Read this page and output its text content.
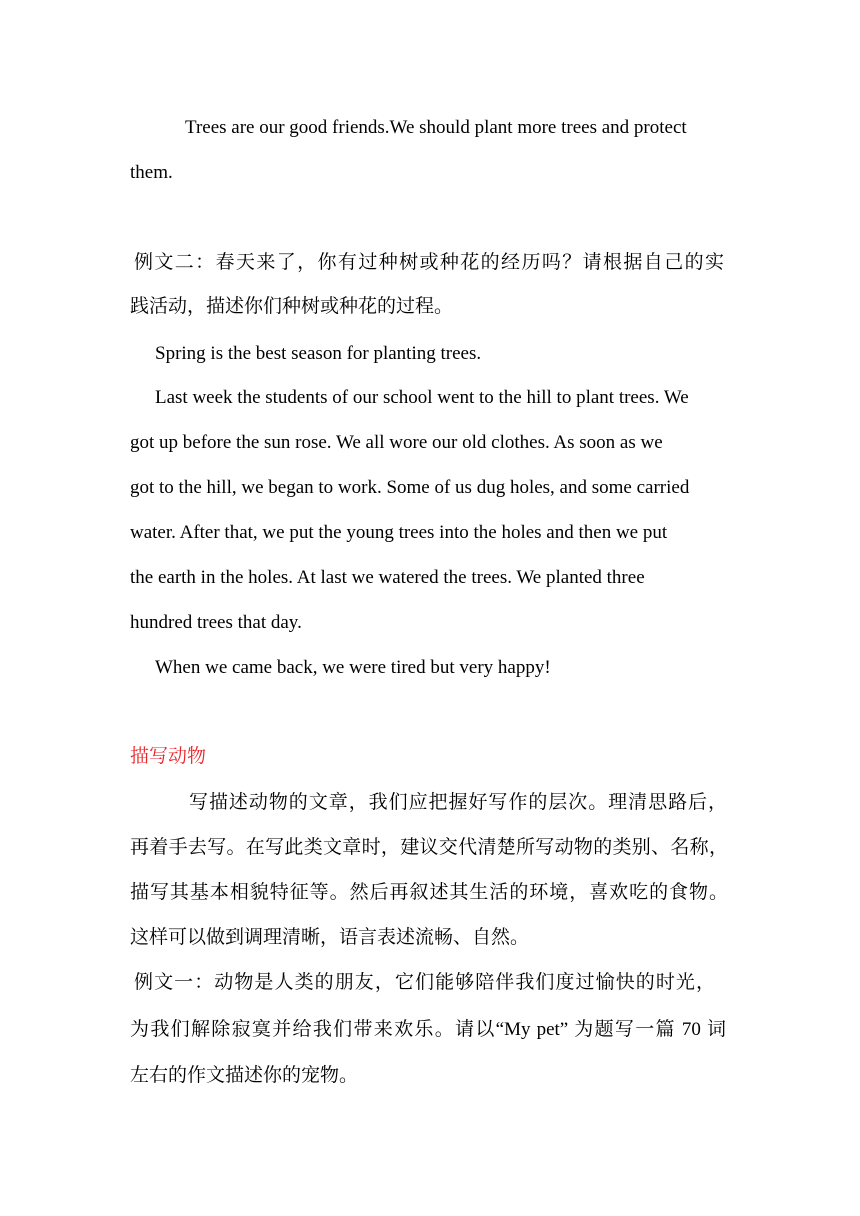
Trees are our good friends.We should plant more trees and protect
them.
例文二：春天来了，你有过种树或种花的经历吗？请根据自己的实
践活动，描述你们种树或种花的过程。
Spring is the best season for planting trees.
Last week the students of our school went to the hill to plant trees. We
got up before the sun rose. We all wore our old clothes. As soon as we
got to the hill, we began to work. Some of us dug holes, and some carried
water. After that, we put the young trees into the holes and then we put
the earth in the holes. At last we watered the trees. We planted three
hundred trees that day.
When we came back, we were tired but very happy!
描写动物
写描述动物的文章，我们应把握好写作的层次。理清思路后，
再着手去写。在写此类文章时，建议交代清楚所写动物的类别、名称，
描写其基本相貌特征等。然后再叙述其生活的环境，喜欢吃的食物。
这样可以做到调理清晰，语言表述流畅、自然。
例文一：动物是人类的朋友，它们能够陪伴我们度过愉快的时光，
为我们解除寂寞并给我们带来欢乐。请以“My pet” 为题写一篇 70 词
左右的作文描述你的宠物。
